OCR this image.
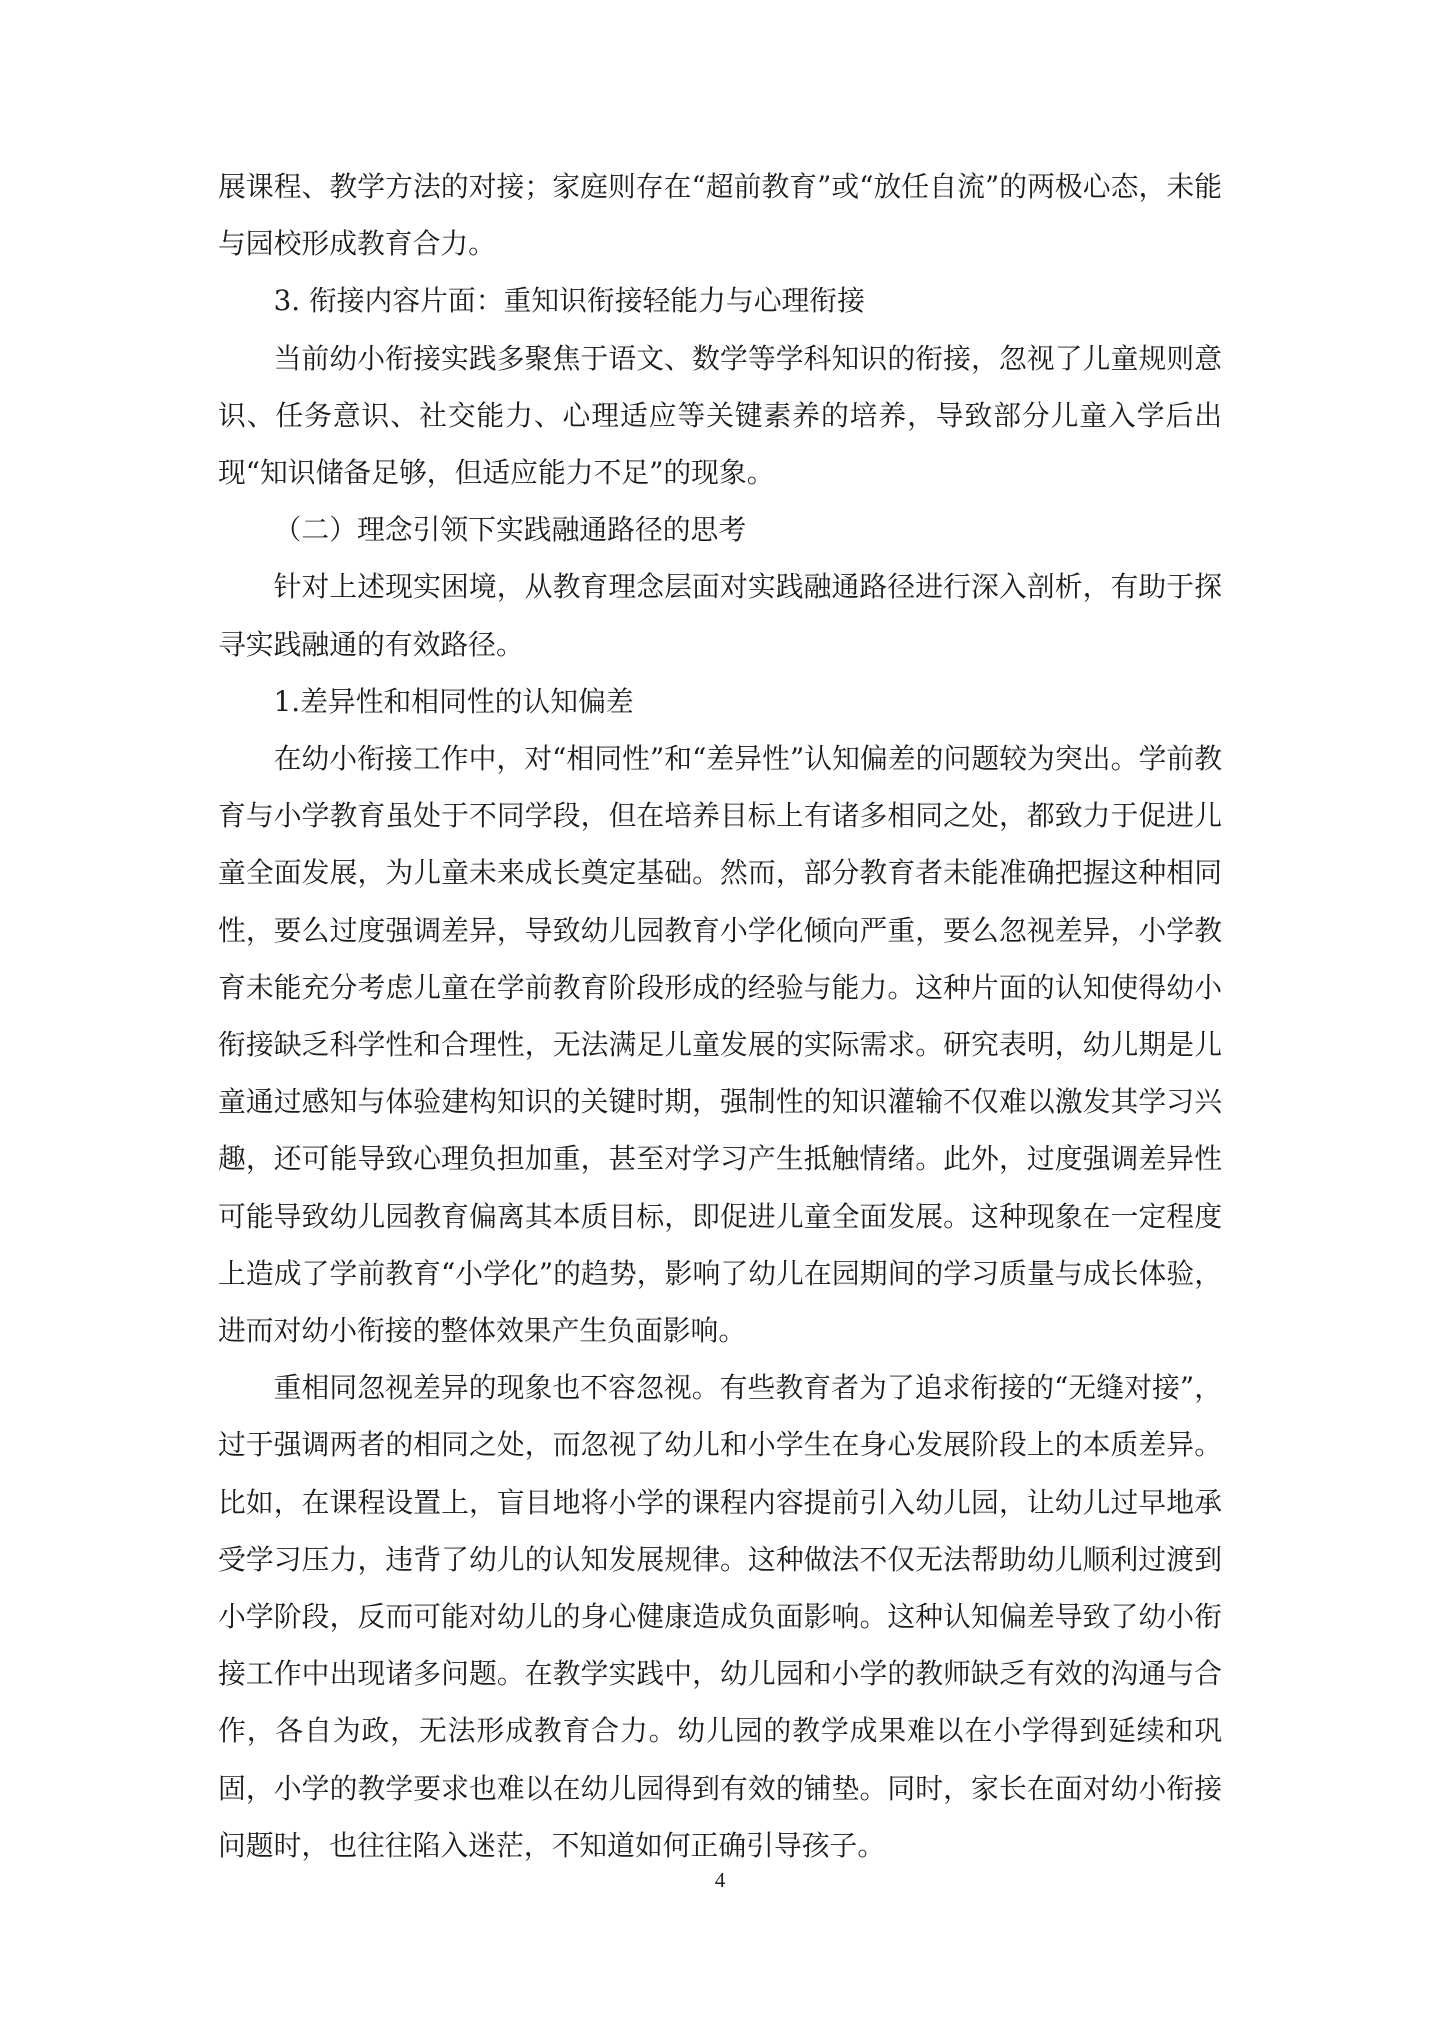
展课程、教学方法的对接；家庭则存在“超前教育”或“放任自流”的两极心态，未能与园校形成教育合力。

3. 衔接内容片面：重知识衔接轻能力与心理衔接

当前幼小衔接实践多聚焦于语文、数学等学科知识的衔接，忽视了儿童规则意识、任务意识、社交能力、心理适应等关键素养的培养，导致部分儿童入学后出现“知识储备足够，但适应能力不足”的现象。

（二）理念引领下实践融通路径的思考

针对上述现实困境，从教育理念层面对实践融通路径进行深入剖析，有助于探寻实践融通的有效路径。

1.差异性和相同性的认知偏差

在幼小衔接工作中，对“相同性”和“差异性”认知偏差的问题较为突出。学前教育与小学教育虽处于不同学段，但在培养目标上有诸多相同之处，都致力于促进儿童全面发展，为儿童未来成长奠定基础。然而，部分教育者未能准确把握这种相同性，要么过度强调差异，导致幼儿园教育小学化倾向严重，要么忽视差异，小学教育未能充分考虑儿童在学前教育阶段形成的经验与能力。这种片面的认知使得幼小衔接缺乏科学性和合理性，无法满足儿童发展的实际需求。研究表明，幼儿期是儿童通过感知与体验建构知识的关键时期，强制性的知识灌输不仅难以激发其学习兴趣，还可能导致心理负担加重，甚至对学习产生抵触情绪。此外，过度强调差异性可能导致幼儿园教育偏离其本质目标，即促进儿童全面发展。这种现象在一定程度上造成了学前教育“小学化”的趋势，影响了幼儿在园期间的学习质量与成长体验，进而对幼小衔接的整体效果产生负面影响。

重相同忽视差异的现象也不容忽视。有些教育者为了追求衔接的“无缝对接”，过于强调两者的相同之处，而忽视了幼儿和小学生在身心发展阶段上的本质差异。比如，在课程设置上，盲目地将小学的课程内容提前引入幼儿园，让幼儿过早地承受学习压力，违背了幼儿的认知发展规律。这种做法不仅无法帮助幼儿顺利过渡到小学阶段，反而可能对幼儿的身心健康造成负面影响。这种认知偏差导致了幼小衔接工作中出现诸多问题。在教学实践中，幼儿园和小学的教师缺乏有效的沟通与合作，各自为政，无法形成教育合力。幼儿园的教学成果难以在小学得到延续和巩固，小学的教学要求也难以在幼儿园得到有效的铺垫。同时，家长在面对幼小衔接问题时，也往往陷入迷茫，不知道如何正确引导孩子。

4
